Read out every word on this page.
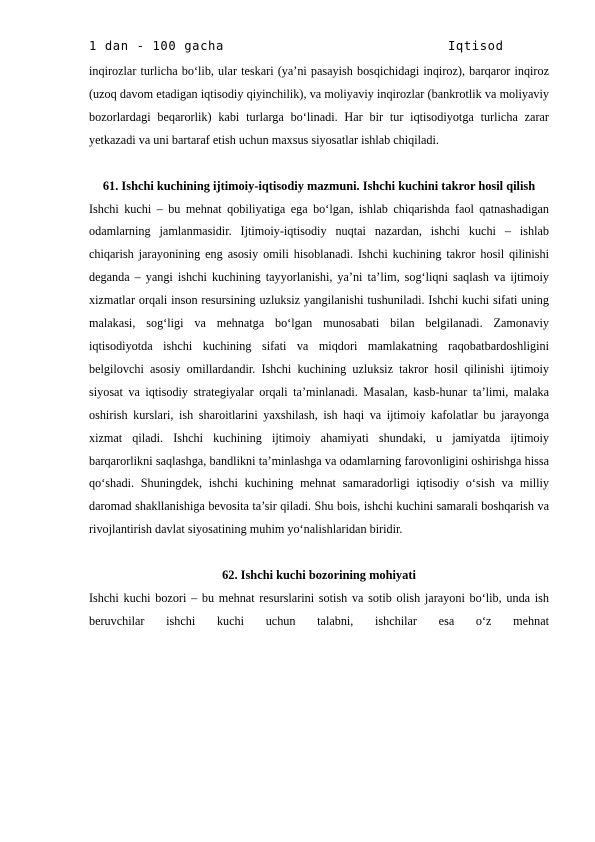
1 dan - 100 gacha	Iqtisod

inqirozlar turlicha bo‘lib, ular teskari (ya’ni pasayish bosqichidagi inqiroz), barqaror inqiroz (uzoq davom etadigan iqtisodiy qiyinchilik), va moliyaviy inqirozlar (bankrotlik va moliyaviy bozorlardagi beqarorlik) kabi turlarga bo‘linadi. Har bir tur iqtisodiyotga turlicha zarar yetkazadi va uni bartaraf etish uchun maxsus siyosatlar ishlab chiqiladi.

61. Ishchi kuchining ijtimoiy-iqtisodiy mazmuni. Ishchi kuchini takror hosil qilish

Ishchi kuchi – bu mehnat qobiliyatiga ega bo‘lgan, ishlab chiqarishda faol qatnashadigan odamlarning jamlanmasidir. Ijtimoiy-iqtisodiy nuqtai nazardan, ishchi kuchi – ishlab chiqarish jarayonining eng asosiy omili hisoblanadi. Ishchi kuchining takror hosil qilinishi deganda – yangi ishchi kuchining tayyorlanishi, ya’ni ta’lim, sog‘liqni saqlash va ijtimoiy xizmatlar orqali inson resursining uzluksiz yangilanishi tushuniladi. Ishchi kuchi sifati uning malakasi, sog‘ligi va mehnatga bo‘lgan munosabati bilan belgilanadi. Zamonaviy iqtisodiyotda ishchi kuchining sifati va miqdori mamlakatning raqobatbardoshligini belgilovchi asosiy omillardandir. Ishchi kuchining uzluksiz takror hosil qilinishi ijtimoiy siyosat va iqtisodiy strategiyalar orqali ta’minlanadi. Masalan, kasb-hunar ta’limi, malaka oshirish kurslari, ish sharoitlarini yaxshilash, ish haqi va ijtimoiy kafolatlar bu jarayonga xizmat qiladi. Ishchi kuchining ijtimoiy ahamiyati shundaki, u jamiyatda ijtimoiy barqarorlikni saqlashga, bandlikni ta’minlashga va odamlarning farovonligini oshirishga hissa qo‘shadi. Shuningdek, ishchi kuchining mehnat samaradorligi iqtisodiy o‘sish va milliy daromad shakllanishiga bevosita ta’sir qiladi. Shu bois, ishchi kuchini samarali boshqarish va rivojlantirish davlat siyosatining muhim yo‘nalishlaridan biridir.

62. Ishchi kuchi bozorining mohiyati

Ishchi kuchi bozori – bu mehnat resurslarini sotish va sotib olish jarayoni bo‘lib, unda ish beruvchilar ishchi kuchi uchun talabni, ishchilar esa o‘z mehnat
